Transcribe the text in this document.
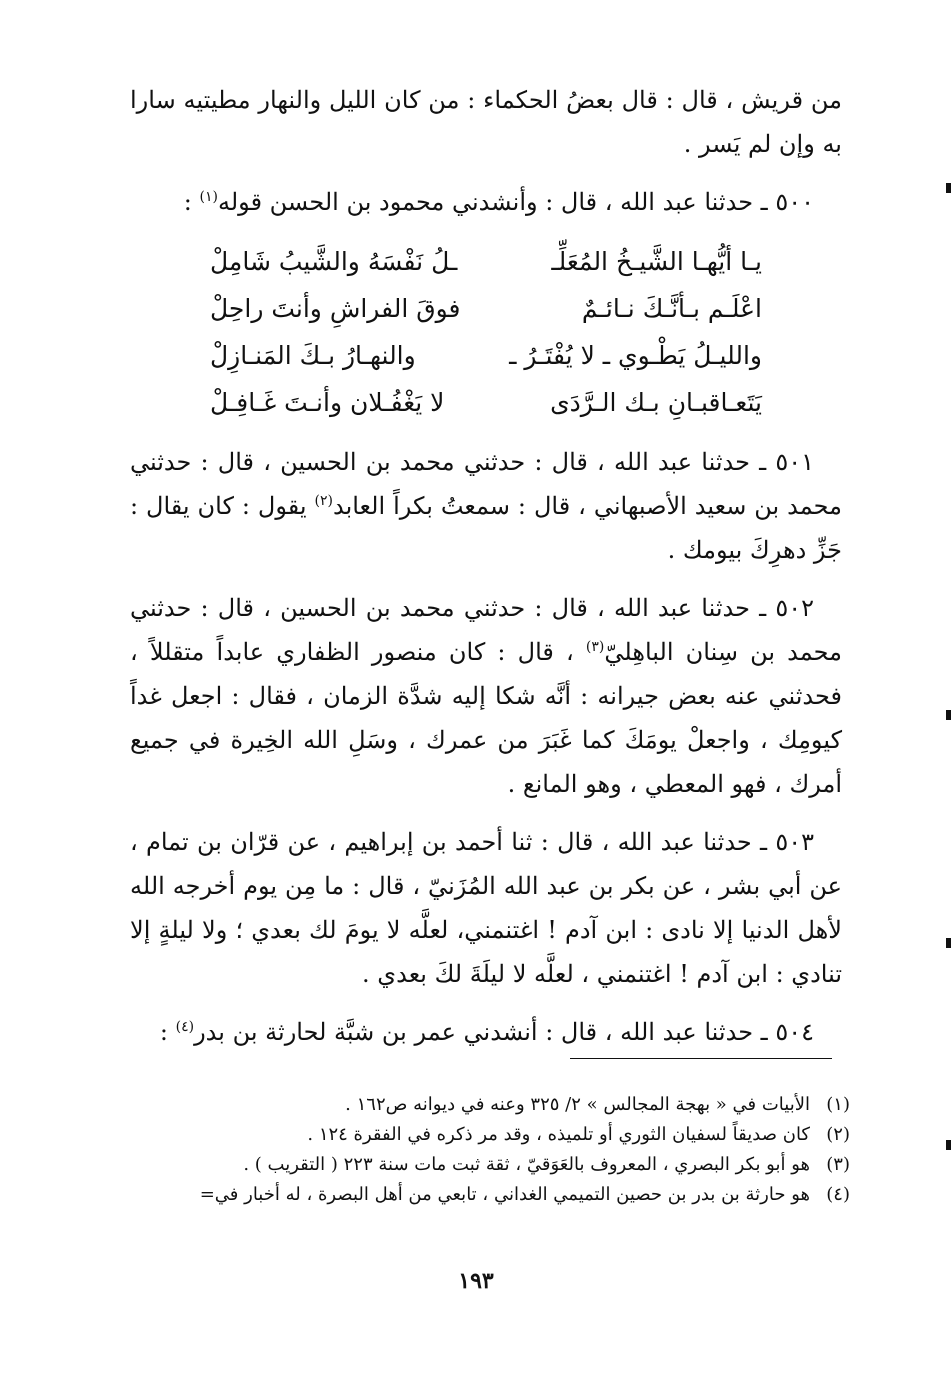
من قريش ، قال : قال بعضُ الحكماء : من كان الليل والنهار مطيتيه سارا به وإن لم يَسر .

٥٠٠ ـ حدثنا عبد الله ، قال : وأنشدني محمود بن الحسن قوله$^{(١)}$ :

يـا أيُّهـا الشَّيـخُ المُعَلِّـ
ـلُ نَفْسَهُ والشَّيبُ شَامِلْ
اعْلَـم بـأنَّـكَ نـائـمٌ
فوقَ الفراشِ وأنتَ راحِلْ
والليـلُ يَطْـوي ـ لا يُفْتَـرُ ـ
والنهـارُ بـكَ المَنـازِلْ
يَتَعـاقبـانِ بـك الـرَّدَى
لا يَغْفُـلان وأنـتَ غَـافِـلْ

٥٠١ ـ حدثنا عبد الله ، قال : حدثني محمد بن الحسين ، قال : حدثني محمد بن سعيد الأصبهاني ، قال : سمعتُ بكراً العابد$^{(٢)}$ يقول : كان يقال : جَزِّ دهرِكَ بيومك .

٥٠٢ ـ حدثنا عبد الله ، قال : حدثني محمد بن الحسين ، قال : حدثني محمد بن سِنان الباهِليّ$^{(٣)}$ ، قال : كان منصور الظفاري عابداً متقللاً ، فحدثني عنه بعض جيرانه : أنَّه شكا إليه شدَّة الزمان ، فقال : اجعل غداً كيومِك ، واجعلْ يومَكَ كما غَبَرَ من عمرك ، وسَلِ الله الخِيرة في جميع أمرك ، فهو المعطي ، وهو المانع .

٥٠٣ ـ حدثنا عبد الله ، قال : ثنا أحمد بن إبراهيم ، عن قرّان بن تمام ، عن أبي بشر ، عن بكر بن عبد الله المُزَنيّ ، قال : ما مِن يوم أخرجه الله لأهل الدنيا إلا نادى : ابن آدم ! اغتنمني، لعلَّه لا يومَ لك بعدي ؛ ولا ليلةٍ إلا تنادي : ابن آدم ! اغتنمني ، لعلَّه لا ليلَةَ لكَ بعدي .

٥٠٤ ـ حدثنا عبد الله ، قال : أنشدني عمر بن شبَّة لحارثة بن بدر$^{(٤)}$ :

(١)
الأبيات في « بهجة المجالس » ٢/ ٣٢٥ وعنه في ديوانه ص١٦٢ .
(٢)
كان صديقاً لسفيان الثوري أو تلميذه ، وقد مر ذكره في الفقرة ١٢٤ .
(٣)
هو أبو بكر البصري ، المعروف بالعَوَقيّ ، ثقة ثبت مات سنة ٢٢٣ ( التقريب ) .
(٤)
هو حارثة بن بدر بن حصين التميمي الغداني ، تابعي من أهل البصرة ، له أخبار في=
١٩٣
